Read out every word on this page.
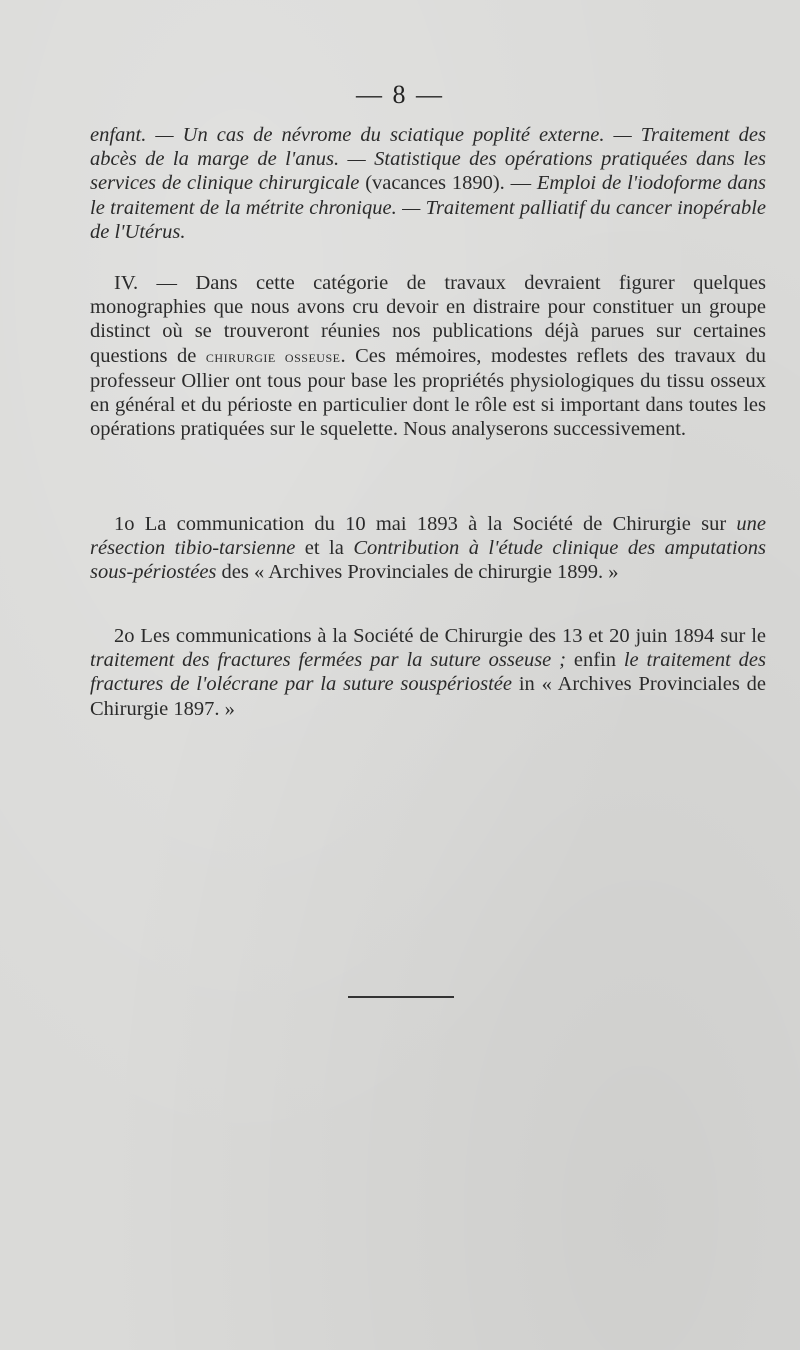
— 8 —

enfant. — Un cas de névrome du sciatique poplité externe. — Traitement des abcès de la marge de l'anus. — Statistique des opérations pratiquées dans les services de clinique chirurgicale (vacances 1890). — Emploi de l'iodoforme dans le traitement de la métrite chronique. — Traitement palliatif du cancer inopérable de l'Utérus.

IV. — Dans cette catégorie de travaux devraient figurer quelques monographies que nous avons cru devoir en distraire pour constituer un groupe distinct où se trouveront réunies nos publications déjà parues sur certaines questions de chirurgie osseuse. Ces mémoires, modestes reflets des travaux du professeur Ollier ont tous pour base les propriétés physiologiques du tissu osseux en général et du périoste en particulier dont le rôle est si important dans toutes les opérations pratiquées sur le squelette. Nous analyserons successivement.

1o La communication du 10 mai 1893 à la Société de Chirurgie sur une résection tibio-tarsienne et la Contribution à l'étude clinique des amputations sous-périostées des « Archives Provinciales de chirurgie 1899. »

2o Les communications à la Société de Chirurgie des 13 et 20 juin 1894 sur le traitement des fractures fermées par la suture osseuse ; enfin le traitement des fractures de l'olécrane par la suture souspériostée in « Archives Provinciales de Chirurgie 1897. »
